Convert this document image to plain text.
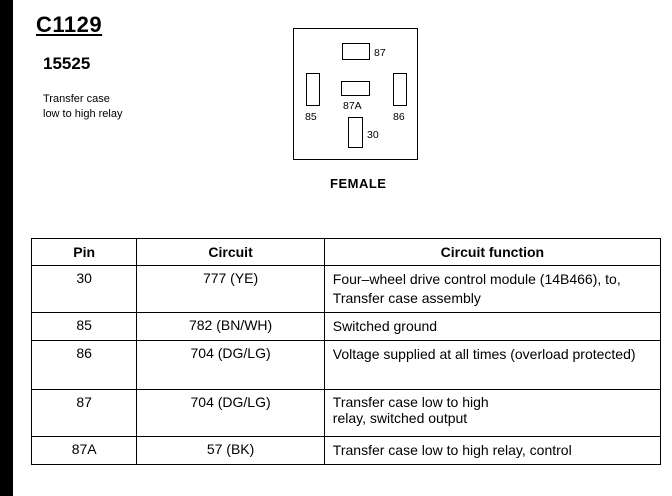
C1129
15525
Transfer case
low to high relay
87
85
87A
86
30
FEMALE
Pin	Circuit	Circuit function
30	777 (YE)	Four–wheel drive control module (14B466), to, Transfer case assembly
85	782 (BN/WH)	Switched ground
86	704 (DG/LG)	Voltage supplied at all times (overload protected)
87	704 (DG/LG)	Transfer case low to high relay, switched output

87A	57 (BK)	Transfer case low to high relay, control
